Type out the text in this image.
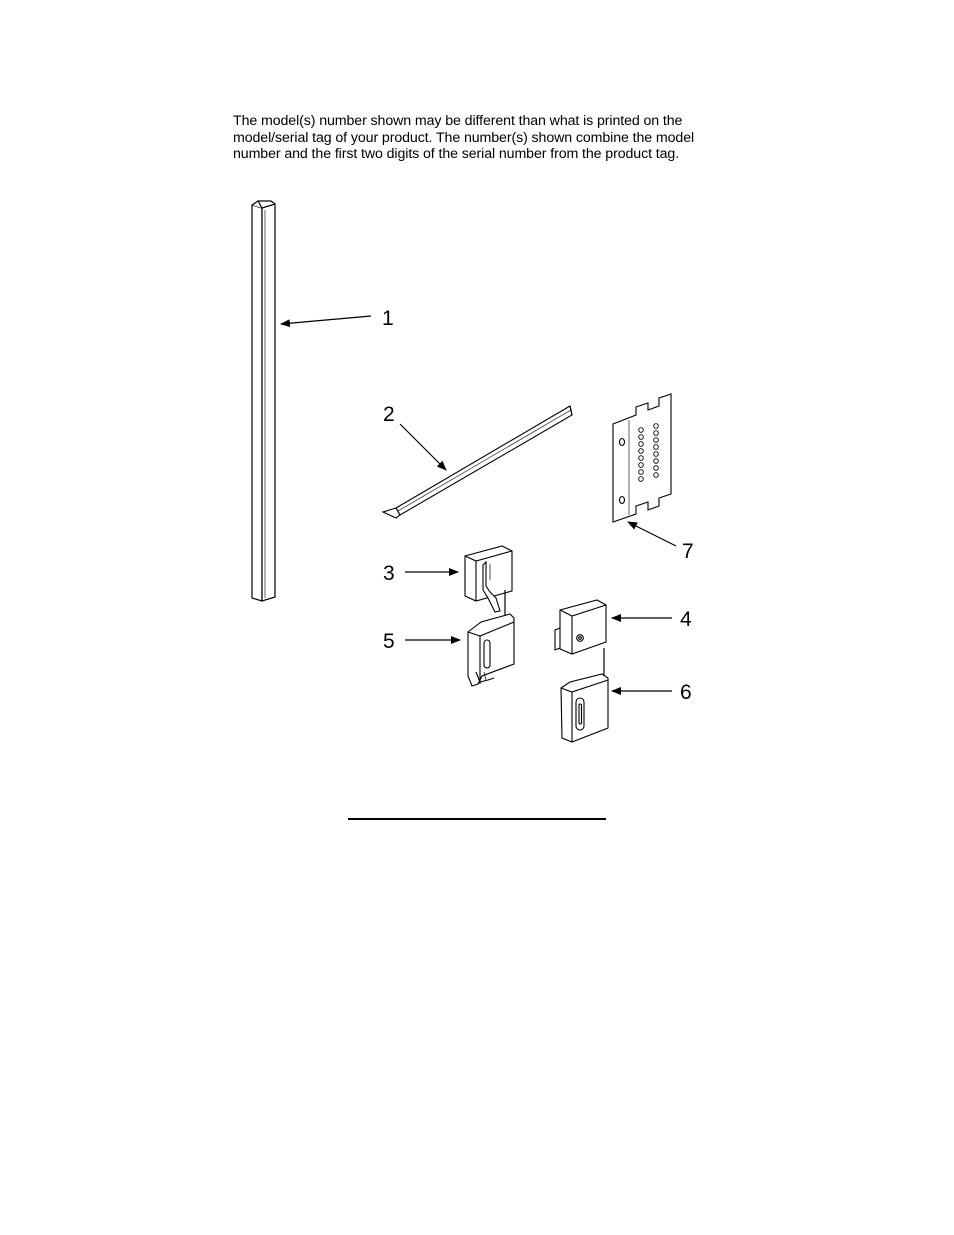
The model(s) number shown may be different than what is printed on the
model/serial tag of your product. The number(s) shown combine the model
number and the first two digits of the serial number from the product tag.
1
2
3
5
4
6
7
